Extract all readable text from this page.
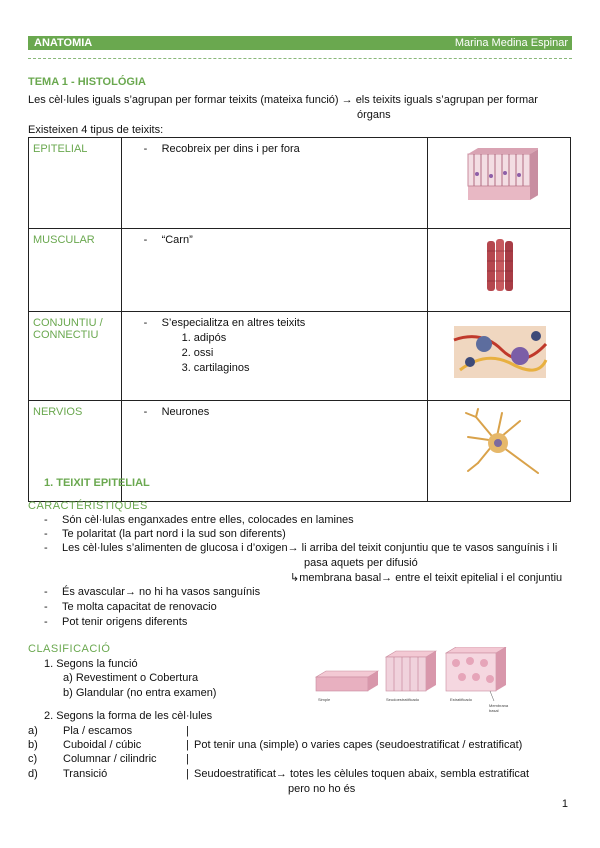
ANATOMIA	Marina Medina Espinar
TEMA 1 - HISTOLÓGIA
Les cèl·lules iguals s’agrupan per formar teixits (mateixa funció) → els teixits iguals s’agrupan per formar
órgans
Existeixen 4 tipus de teixits:
EPITELIAL	- Recobreix per dins i per fora

MUSCULAR	- “Carn”

CONJUNTIU / CONNECTIU	- S’especialitza en altres teixits
1. adipós
2. ossi
3. cartilaginos

NERVIOS	- Neurones

1. TEIXIT EPITELIAL
CARACTÉRISTIQUES
- Són cèl·lulas enganxades entre elles, colocades en lamines
- Te polaritat (la part nord i la sud son diferents)
- Les cèl·lules s’alimenten de glucosa i d’oxigen→ li arriba del teixit conjuntiu que te vasos sanguínis i li
pasa aquets per difusió
↳membrana basal→ entre el teixit epitelial i el conjuntiu
- És avascular→ no hi ha vasos sanguínis
- Te molta capacitat de renovacio
- Pot tenir origens diferents
CLASIFICACIÓ
1. Segons la funció
a) Revestiment o Cobertura
b) Glandular (no entra examen)
2. Segons la forma de les cèl·lules
a) Pla / escamos	|
b) Cuboidal / cúbic	| Pot tenir una (simple) o varies capes (seudoestratificat / estratificat)
c) Columnar / cilindric	|
d) Transició	| Seudoestratificat→ totes les cèlules toquen abaix, sembla estratificat
pero no ho és
Simple	Seudoestratificado	Estratificado
Membrana basal
1
